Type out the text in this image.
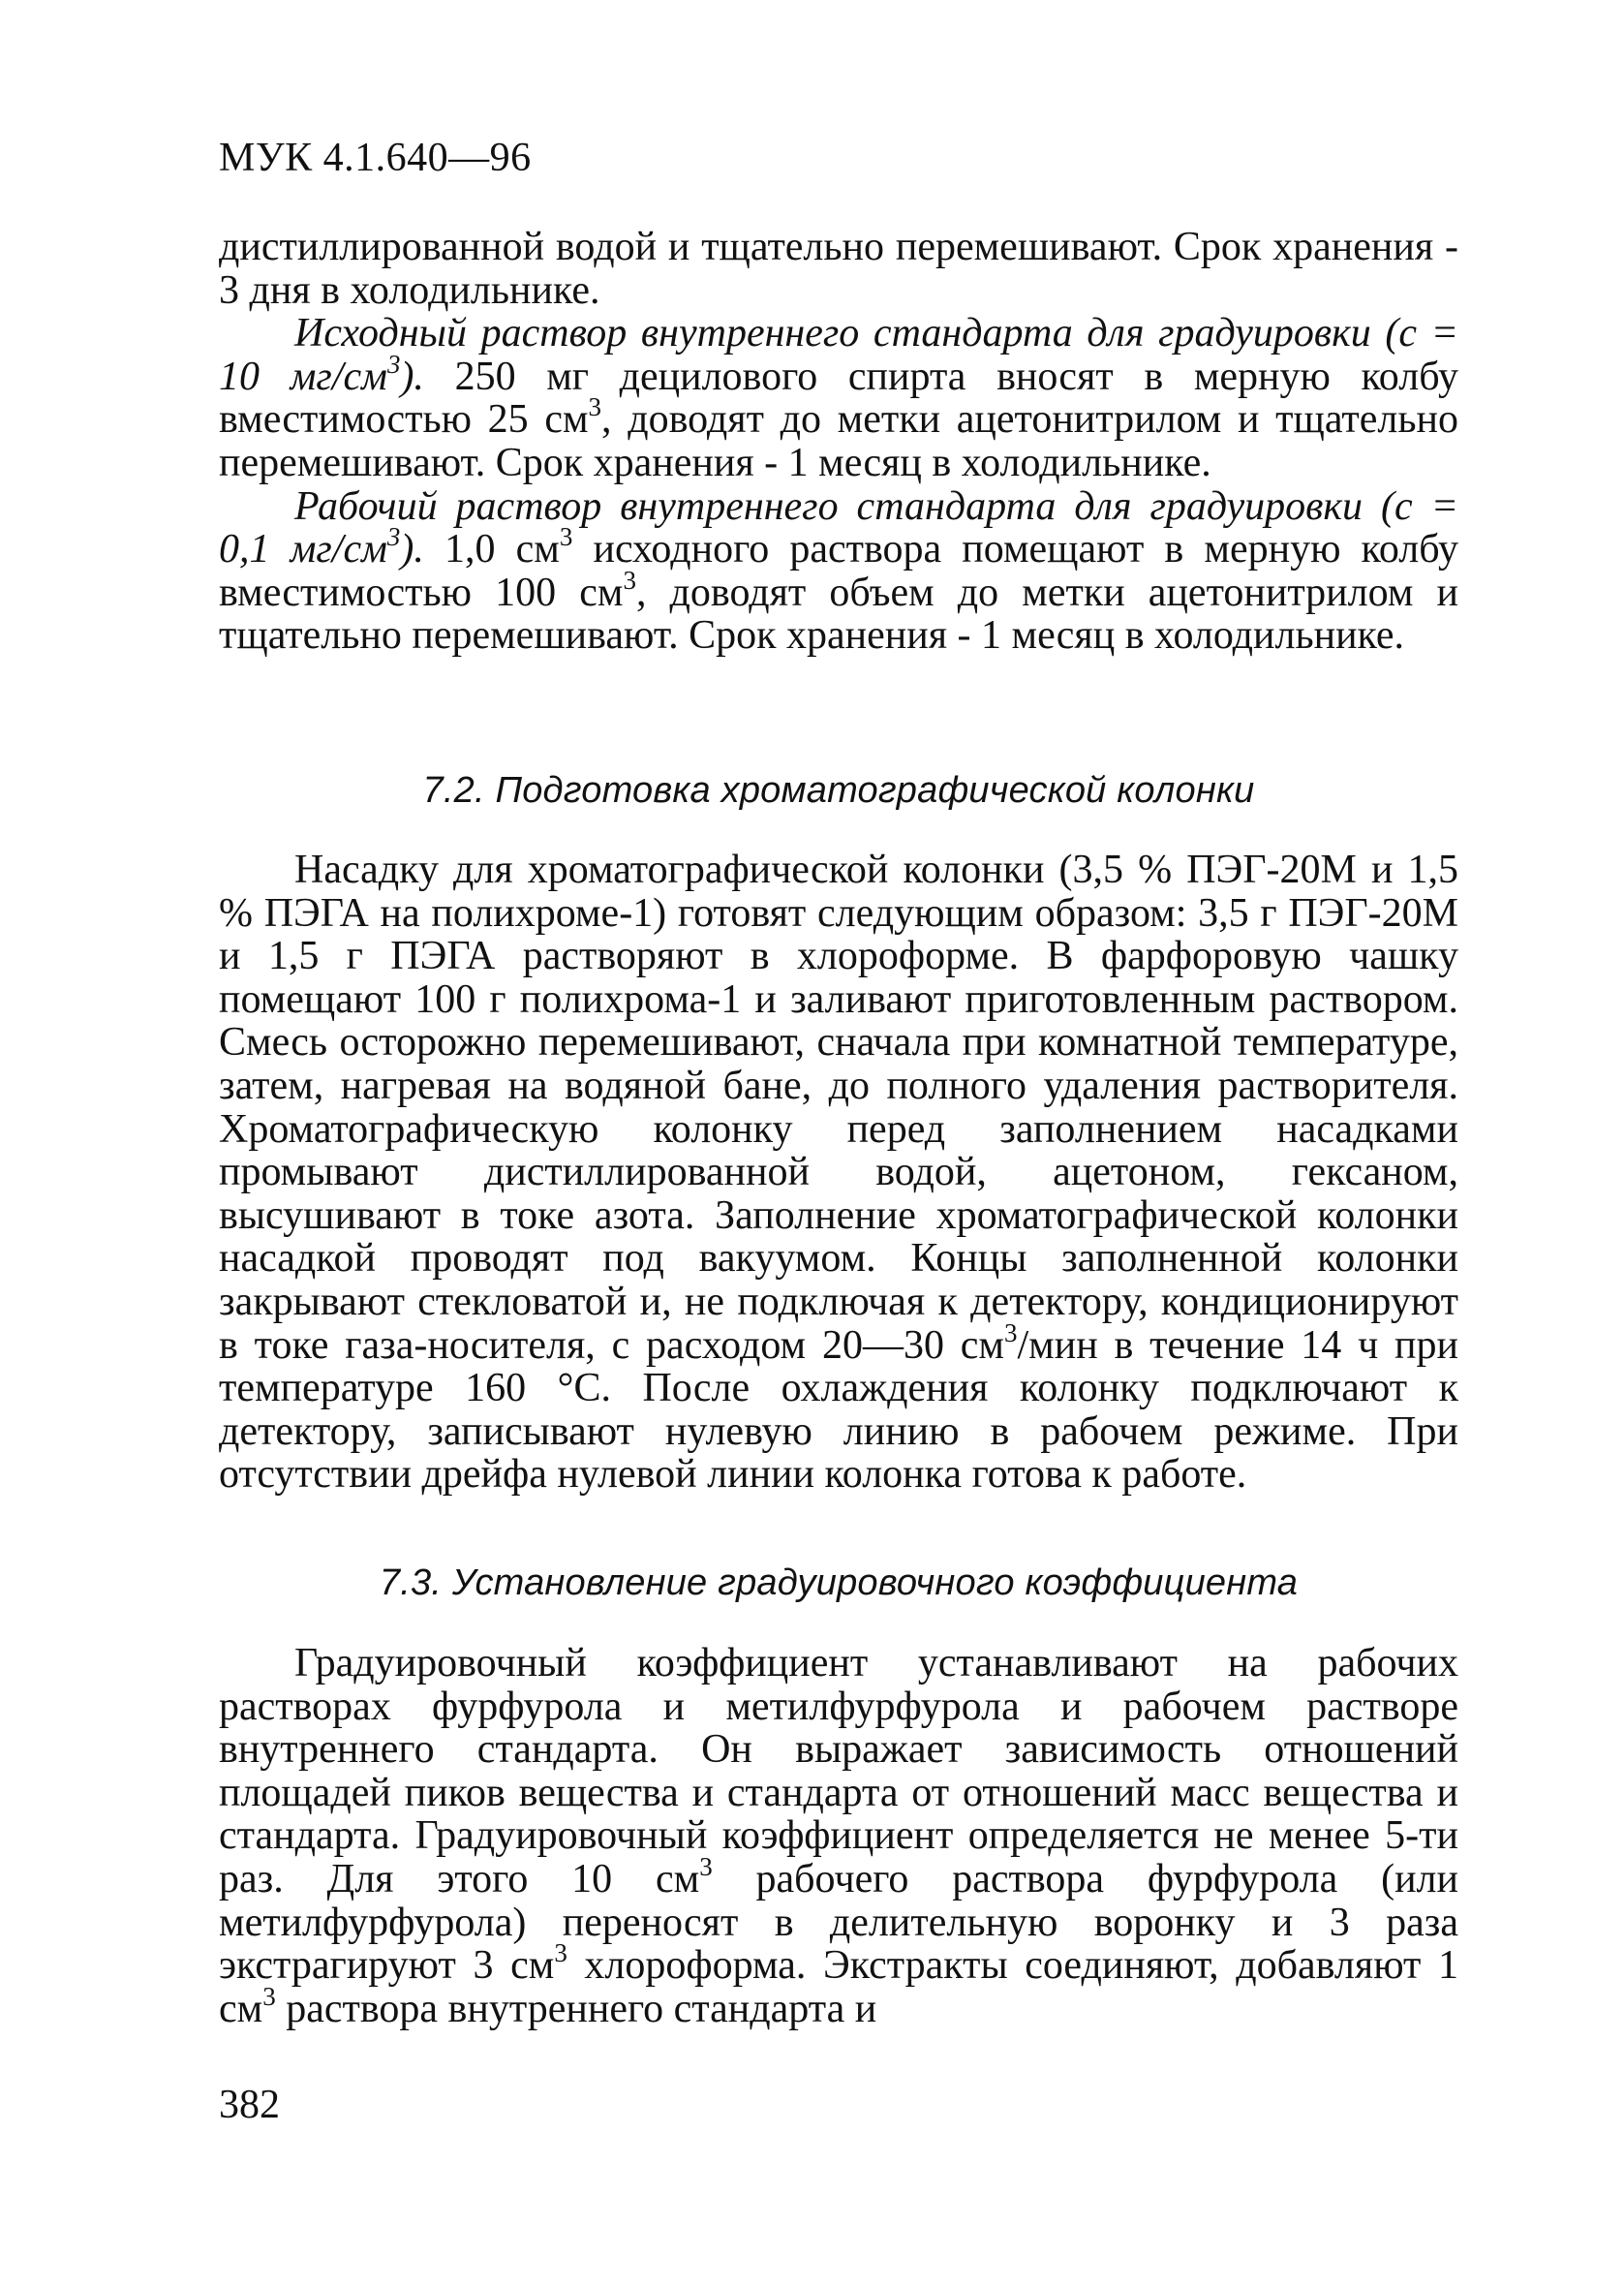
МУК 4.1.640—96

дистиллированной водой и тщательно перемешивают. Срок хранения - 3 дня в холодильнике.

Исходный раствор внутреннего стандарта для градуировки (с = 10 $мг/см^3$). 250 мг децилового спирта вносят в мерную колбу вместимостью 25 $см^3$, доводят до метки ацетонитрилом и тщательно перемешивают. Срок хранения - 1 месяц в холодильнике.

Рабочий раствор внутреннего стандарта для градуировки (с = 0,1 $мг/см^3$). 1,0 $см^3$ исходного раствора помещают в мерную колбу вместимостью 100 $см^3$, доводят объем до метки ацетонитрилом и тщательно перемешивают. Срок хранения - 1 месяц в холодильнике.

7.2. Подготовка хроматографической колонки

Насадку для хроматографической колонки (3,5 % ПЭГ-20М и 1,5 % ПЭГА на полихроме-1) готовят следующим образом: 3,5 г ПЭГ-20М и 1,5 г ПЭГА растворяют в хлороформе. В фарфоровую чашку помещают 100 г полихрома-1 и заливают приготовленным раствором. Смесь осторожно перемешивают, сначала при комнатной температуре, затем, нагревая на водяной бане, до полного удаления растворителя. Хроматографическую колонку перед заполнением насадками промывают дистиллированной водой, ацетоном, гексаном, высушивают в токе азота. Заполнение хроматографической колонки насадкой проводят под вакуумом. Концы заполненной колонки закрывают стекловатой и, не подключая к детектору, кондиционируют в токе газа-носителя, с расходом 20—30 $см^3$/мин в течение 14 ч при температуре 160 °С. После охлаждения колонку подключают к детектору, записывают нулевую линию в рабочем режиме. При отсутствии дрейфа нулевой линии колонка готова к работе.

7.3. Установление градуировочного коэффициента

Градуировочный коэффициент устанавливают на рабочих растворах фурфурола и метилфурфурола и рабочем растворе внутреннего стандарта. Он выражает зависимость отношений площадей пиков вещества и стандарта от отношений масс вещества и стандарта. Градуировочный коэффициент определяется не менее 5-ти раз. Для этого 10 $см^3$ рабочего раствора фурфурола (или метилфурфурола) переносят в делительную воронку и 3 раза экстрагируют 3 $см^3$ хлороформа. Экстракты соединяют, добавляют 1 $см^3$ раствора внутреннего стандарта и

382
